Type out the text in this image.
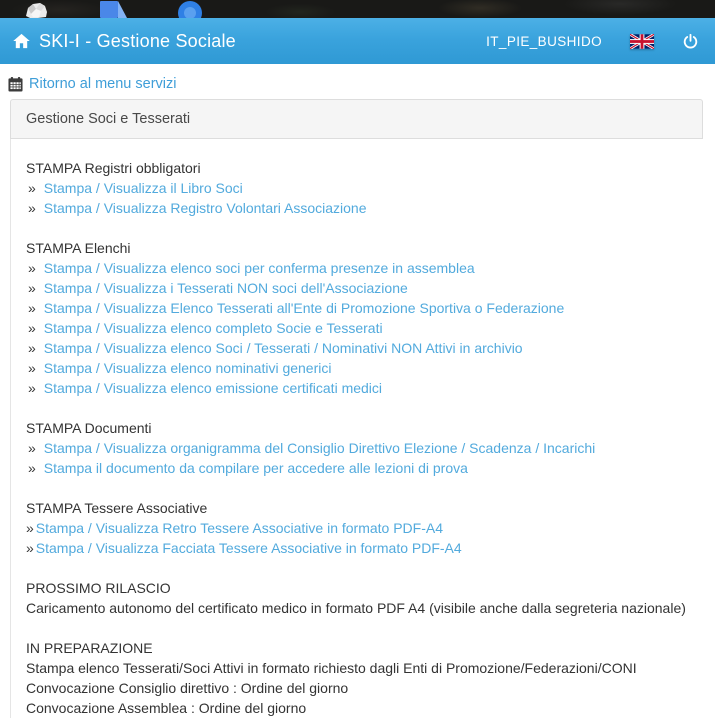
SKI-I - Gestione Sociale	IT_PIE_BUSHIDO
Ritorno al menu servizi
Gestione Soci e Tesserati
STAMPA Registri obbligatori
» Stampa / Visualizza il Libro Soci
» Stampa / Visualizza Registro Volontari Associazione
STAMPA Elenchi
» Stampa / Visualizza elenco soci per conferma presenze in assemblea
» Stampa / Visualizza i Tesserati NON soci dell'Associazione
» Stampa / Visualizza Elenco Tesserati all'Ente di Promozione Sportiva o Federazione
» Stampa / Visualizza elenco completo Socie e Tesserati
» Stampa / Visualizza elenco Soci / Tesserati / Nominativi NON Attivi in archivio
» Stampa / Visualizza elenco nominativi generici
» Stampa / Visualizza elenco emissione certificati medici
STAMPA Documenti
» Stampa / Visualizza organigramma del Consiglio Direttivo Elezione / Scadenza / Incarichi
» Stampa il documento da compilare per accedere alle lezioni di prova
STAMPA Tessere Associative
» Stampa / Visualizza Retro Tessere Associative in formato PDF-A4
» Stampa / Visualizza Facciata Tessere Associative in formato PDF-A4
PROSSIMO RILASCIO
Caricamento autonomo del certificato medico in formato PDF A4 (visibile anche dalla segreteria nazionale)
IN PREPARAZIONE
Stampa elenco Tesserati/Soci Attivi in formato richiesto dagli Enti di Promozione/Federazioni/CONI
Convocazione Consiglio direttivo : Ordine del giorno
Convocazione Assemblea : Ordine del giorno
